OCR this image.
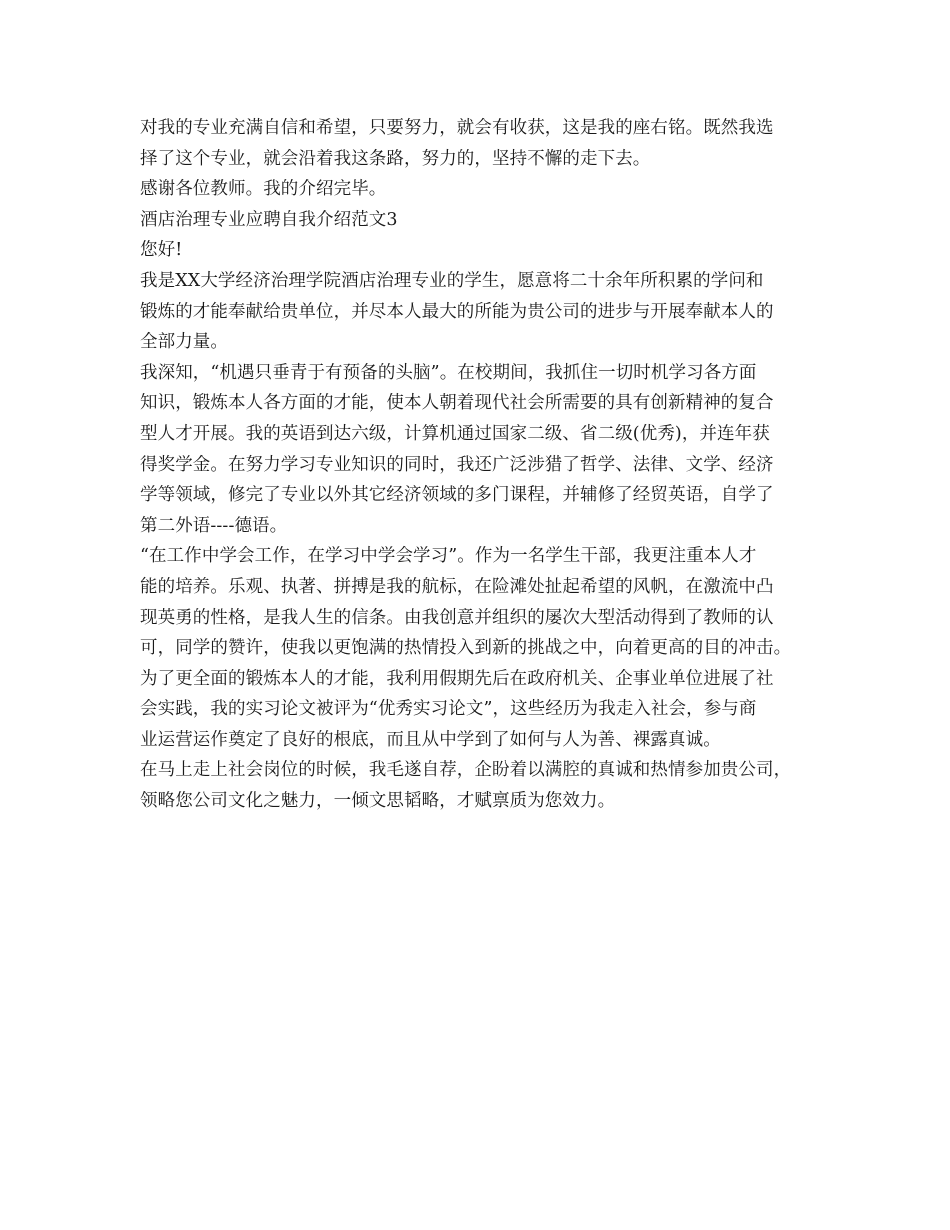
对我的专业充满自信和希望，只要努力，就会有收获，这是我的座右铭。既然我选
择了这个专业，就会沿着我这条路，努力的，坚持不懈的走下去。
感谢各位教师。我的介绍完毕。
酒店治理专业应聘自我介绍范文3
您好!
我是XX大学经济治理学院酒店治理专业的学生，愿意将二十余年所积累的学问和
锻炼的才能奉献给贵单位，并尽本人最大的所能为贵公司的进步与开展奉献本人的
全部力量。
我深知，“机遇只垂青于有预备的头脑”。在校期间，我抓住一切时机学习各方面
知识，锻炼本人各方面的才能，使本人朝着现代社会所需要的具有创新精神的复合
型人才开展。我的英语到达六级，计算机通过国家二级、省二级(优秀)，并连年获
得奖学金。在努力学习专业知识的同时，我还广泛涉猎了哲学、法律、文学、经济
学等领域，修完了专业以外其它经济领域的多门课程，并辅修了经贸英语，自学了
第二外语----德语。
“在工作中学会工作，在学习中学会学习”。作为一名学生干部，我更注重本人才
能的培养。乐观、执著、拼搏是我的航标，在险滩处扯起希望的风帆，在激流中凸
现英勇的性格，是我人生的信条。由我创意并组织的屡次大型活动得到了教师的认
可，同学的赞许，使我以更饱满的热情投入到新的挑战之中，向着更高的目的冲击。
为了更全面的锻炼本人的才能，我利用假期先后在政府机关、企事业单位进展了社
会实践，我的实习论文被评为“优秀实习论文”，这些经历为我走入社会，参与商
业运营运作奠定了良好的根底，而且从中学到了如何与人为善、裸露真诚。
在马上走上社会岗位的时候，我毛遂自荐，企盼着以满腔的真诚和热情参加贵公司，
领略您公司文化之魅力，一倾文思韬略，才赋禀质为您效力。
